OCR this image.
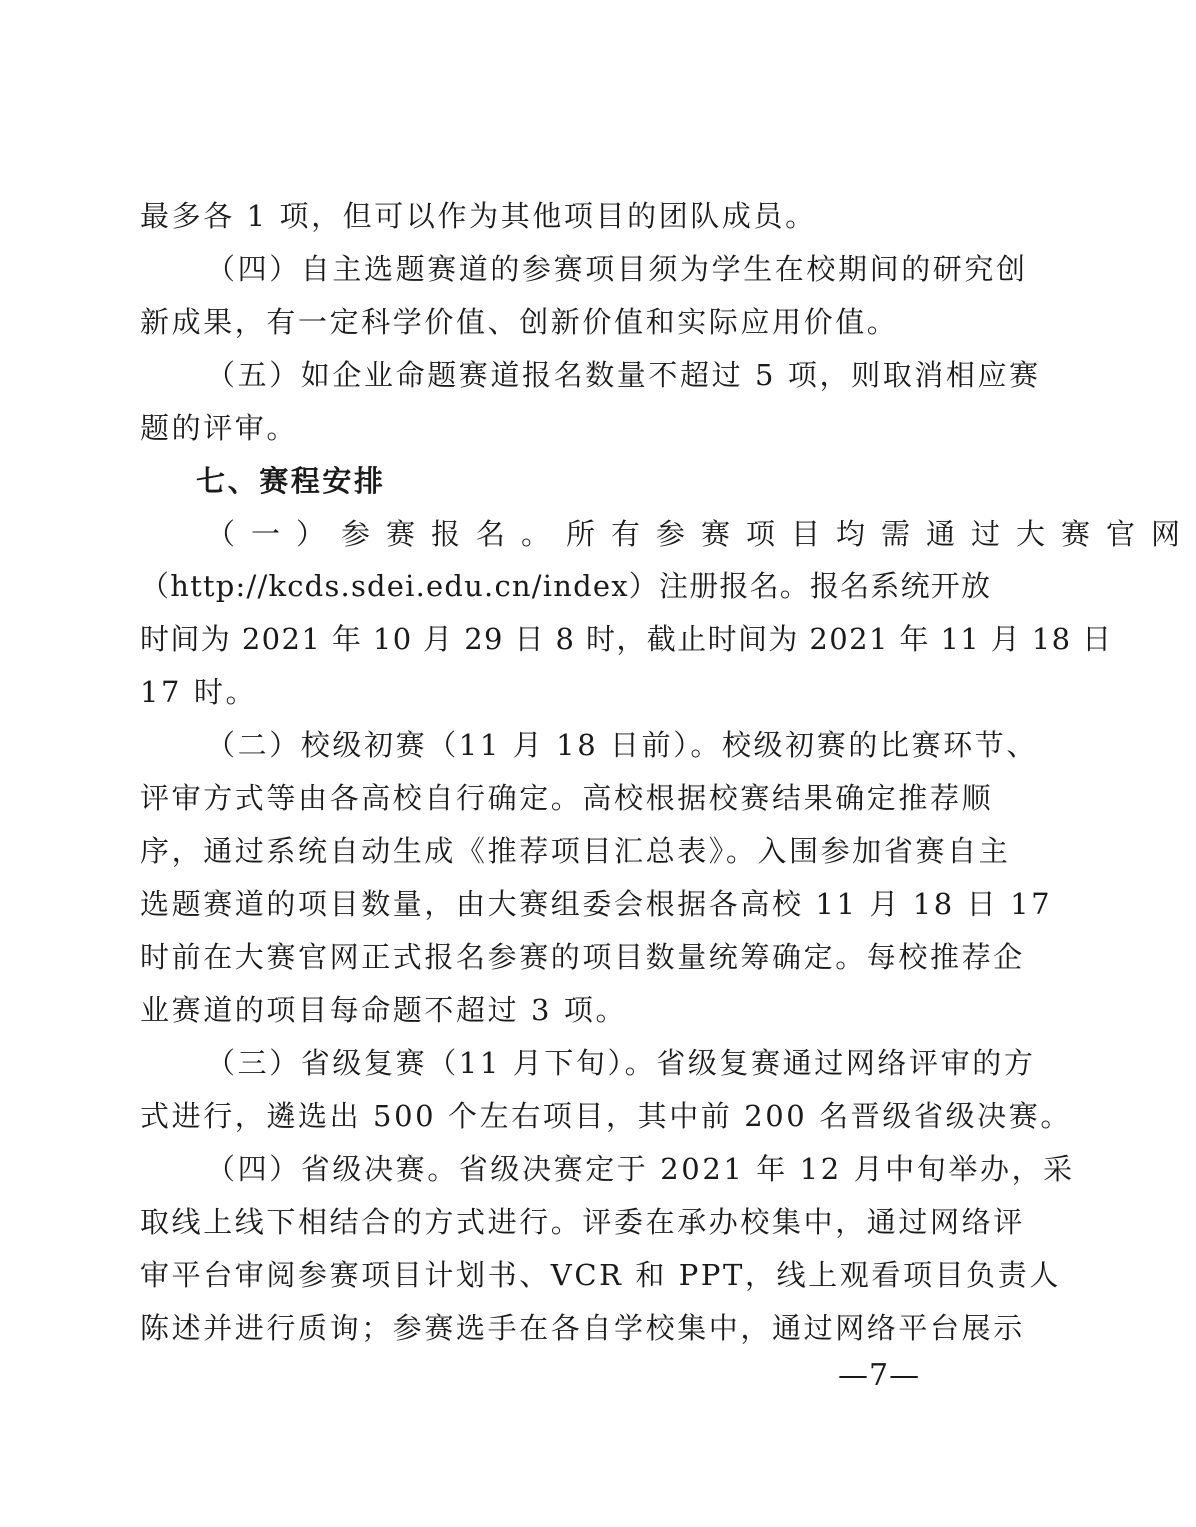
最多各 1 项，但可以作为其他项目的团队成员。
（四）自主选题赛道的参赛项目须为学生在校期间的研究创
新成果，有一定科学价值、创新价值和实际应用价值。
（五）如企业命题赛道报名数量不超过 5 项，则取消相应赛
题的评审。
七、赛程安排
（一）参赛报名。所有参赛项目均需通过大赛官网
（http://kcds.sdei.edu.cn/index）注册报名。报名系统开放
时间为 2021 年 10 月 29 日 8 时，截止时间为 2021 年 11 月 18 日
17 时。
（二）校级初赛（11 月 18 日前）。校级初赛的比赛环节、
评审方式等由各高校自行确定。高校根据校赛结果确定推荐顺
序，通过系统自动生成《推荐项目汇总表》。入围参加省赛自主
选题赛道的项目数量，由大赛组委会根据各高校 11 月 18 日 17
时前在大赛官网正式报名参赛的项目数量统筹确定。每校推荐企
业赛道的项目每命题不超过 3 项。
（三）省级复赛（11 月下旬）。省级复赛通过网络评审的方
式进行，遴选出 500 个左右项目，其中前 200 名晋级省级决赛。
（四）省级决赛。省级决赛定于 2021 年 12 月中旬举办，采
取线上线下相结合的方式进行。评委在承办校集中，通过网络评
审平台审阅参赛项目计划书、VCR 和 PPT，线上观看项目负责人
陈述并进行质询；参赛选手在各自学校集中，通过网络平台展示
—7—
